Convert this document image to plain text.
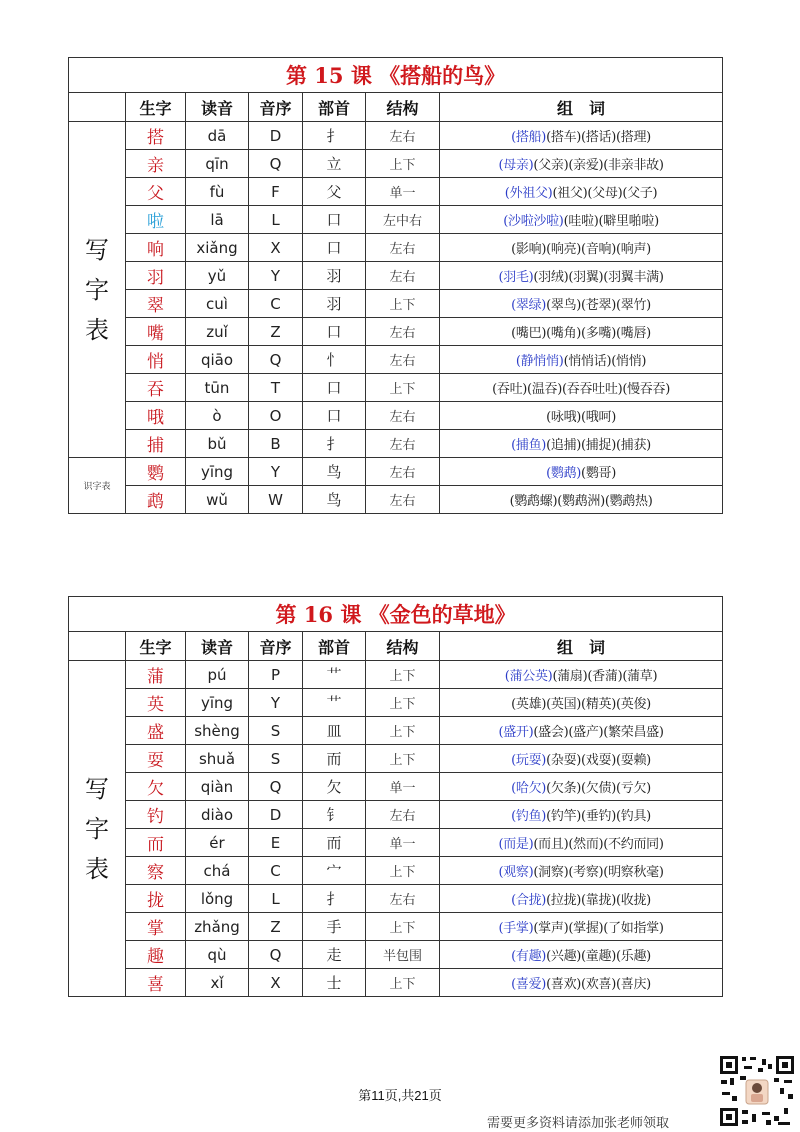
第 15 课 《搭船的鸟》						
	生字	读音	音序	部首	结构	组　词

写
字
表	搭	dā	D	扌	左右	(搭船)(搭车)(搭话)(搭理)
	亲	qīn	Q	立	上下	(母亲)(父亲)(亲爱)(非亲非故)
	父	fù	F	父	单一	(外祖父)(祖父)(父母)(父子)
	啦	lā	L	口	左中右	(沙啦沙啦)(哇啦)(噼里啪啦)
	响	xiǎng	X	口	左右	(影响)(响亮)(音响)(响声)
	羽	yǔ	Y	羽	左右	(羽毛)(羽绒)(羽翼)(羽翼丰满)
	翠	cuì	C	羽	上下	(翠绿)(翠鸟)(苍翠)(翠竹)
	嘴	zuǐ	Z	口	左右	(嘴巴)(嘴角)(多嘴)(嘴唇)
	悄	qiāo	Q	忄	左右	(静悄悄)(悄悄话)(悄悄)
	吞	tūn	T	口	上下	(吞吐)(温吞)(吞吞吐吐)(慢吞吞)
	哦	ò	O	口	左右	(咏哦)(哦呵)
	捕	bǔ	B	扌	左右	(捕鱼)(追捕)(捕捉)(捕获)
识字表	鹦	yīng	Y	鸟	左右	(鹦鹉)(鹦哥)
	鹉	wǔ	W	鸟	左右	(鹦鹉螺)(鹦鹉洲)(鹦鹉热)
第 16 课 《金色的草地》						
	生字	读音	音序	部首	结构	组　词

写
字
表	蒲	pú	P	艹	上下	(蒲公英)(蒲扇)(香蒲)(蒲草)
	英	yīng	Y	艹	上下	(英雄)(英国)(精英)(英俊)
	盛	shèng	S	皿	上下	(盛开)(盛会)(盛产)(繁荣昌盛)
	耍	shuǎ	S	而	上下	(玩耍)(杂耍)(戏耍)(耍赖)
	欠	qiàn	Q	欠	单一	(哈欠)(欠条)(欠债)(亏欠)
	钓	diào	D	钅	左右	(钓鱼)(钓竿)(垂钓)(钓具)
	而	ér	E	而	单一	(而是)(而且)(然而)(不约而同)
	察	chá	C	宀	上下	(观察)(洞察)(考察)(明察秋毫)
	拢	lǒng	L	扌	左右	(合拢)(拉拢)(靠拢)(收拢)
	掌	zhǎng	Z	手	上下	(手掌)(掌声)(掌握)(了如指掌)
	趣	qù	Q	走	半包围	(有趣)(兴趣)(童趣)(乐趣)
	喜	xǐ	X	士	上下	(喜爱)(喜欢)(欢喜)(喜庆)
第11页,共21页
需要更多资料请添加张老师领取
